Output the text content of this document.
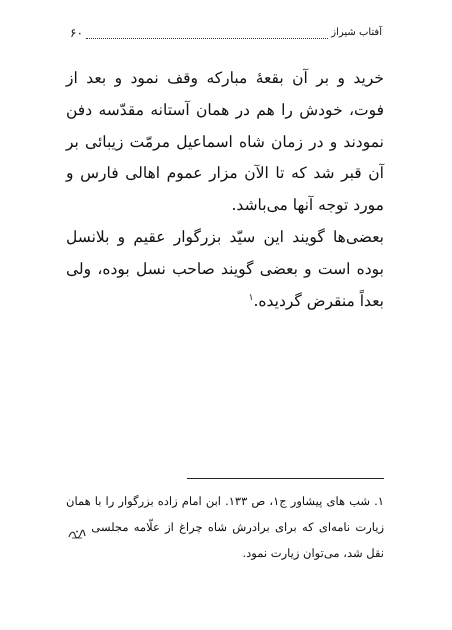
۶۰	آفتاب شیراز

خرید و بر آن بقعهٔ مبارکه وقف نمود و بعد از فوت، خودش را هم در همان آستانه مقدّسه دفن نمودند و در زمان شاه اسماعیل مرمّت زیبائی بر آن قبر شد که تا الآن مزار عموم اهالی فارس و مورد توجه آنها می‌باشد.

بعضی‌ها گویند این سیّد بزرگوار عقیم و بلانسل بوده است و بعضی گویند صاحب نسل بوده، ولی بعداً منقرض گردیده.$^۱$

۱. شب های پیشاور ج۱، ص ۱۳۳. ابن امام زاده بزرگوار را با همان زیارت نامه‌ای که برای برادرش شاه چراغ از علّامه مجلسی  نقل شد، می‌توان زیارت نمود.
